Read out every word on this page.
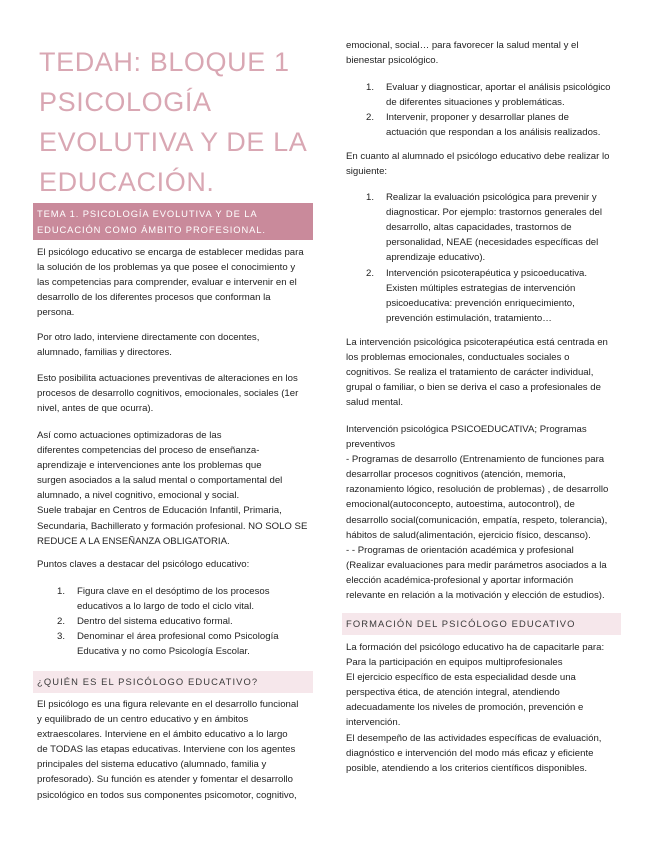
TEDAH: BLOQUE 1
PSICOLOGÍA
EVOLUTIVA Y DE LA
EDUCACIÓN.
TEMA 1. PSICOLOGÍA EVOLUTIVA Y DE LA
EDUCACIÓN COMO ÁMBITO PROFESIONAL.
El psicólogo educativo se encarga de establecer medidas para
la solución de los problemas ya que posee el conocimiento y
las competencias para comprender, evaluar e intervenir en el
desarrollo de los diferentes procesos que conforman la
persona.
Por otro lado, interviene directamente con docentes,
alumnado, familias y directores.
Esto posibilita actuaciones preventivas de alteraciones en los
procesos de desarrollo cognitivos, emocionales, sociales (1er
nivel, antes de que ocurra).
Así como actuaciones optimizadoras de las
diferentes competencias del proceso de enseñanza-
aprendizaje e intervenciones ante los problemas que
surgen asociados a la salud mental o comportamental del
alumnado, a nivel cognitivo, emocional y social.
Suele trabajar en Centros de Educación Infantil, Primaria,
Secundaria, Bachillerato y formación profesional. NO SOLO SE
REDUCE A LA ENSEÑANZA OBLIGATORIA.
Puntos claves a destacar del psicólogo educativo:
1. Figura clave en el desóptimo de los procesos
educativos a lo largo de todo el ciclo vital.
2. Dentro del sistema educativo formal.
3. Denominar el área profesional como Psicología
Educativa y no como Psicología Escolar.
¿QUIÉN ES EL PSICÓLOGO EDUCATIVO?
El psicólogo es una figura relevante en el desarrollo funcional
y equilibrado de un centro educativo y en ámbitos
extraescolares. Interviene en el ámbito educativo a lo largo
de TODAS las etapas educativas. Interviene con los agentes
principales del sistema educativo (alumnado, familia y
profesorado). Su función es atender y fomentar el desarrollo
psicológico en todos sus componentes psicomotor, cognitivo,
emocional, social… para favorecer la salud mental y el
bienestar psicológico.
1. Evaluar y diagnosticar, aportar el análisis psicológico
de diferentes situaciones y problemáticas.
2. Intervenir, proponer y desarrollar planes de
actuación que respondan a los análisis realizados.
En cuanto al alumnado el psicólogo educativo debe realizar lo
siguiente:
1. Realizar la evaluación psicológica para prevenir y
diagnosticar. Por ejemplo: trastornos generales del
desarrollo, altas capacidades, trastornos de
personalidad, NEAE (necesidades específicas del
aprendizaje educativo).
2. Intervención psicoterapéutica y psicoeducativa.
Existen múltiples estrategias de intervención
psicoeducativa: prevención enriquecimiento,
prevención estimulación, tratamiento…
La intervención psicológica psicoterapéutica está centrada en
los problemas emocionales, conductuales sociales o
cognitivos. Se realiza el tratamiento de carácter individual,
grupal o familiar, o bien se deriva el caso a profesionales de
salud mental.
Intervención psicológica PSICOEDUCATIVA; Programas
preventivos
- Programas de desarrollo (Entrenamiento de funciones para
desarrollar procesos cognitivos (atención, memoria,
razonamiento lógico, resolución de problemas) , de desarrollo
emocional(autoconcepto, autoestima, autocontrol), de
desarrollo social(comunicación, empatía, respeto, tolerancia),
hábitos de salud(alimentación, ejercicio físico, descanso).
- - Programas de orientación académica y profesional
(Realizar evaluaciones para medir parámetros asociados a la
elección académica-profesional y aportar información
relevante en relación a la motivación y elección de estudios).
FORMACIÓN DEL PSICÓLOGO EDUCATIVO
La formación del psicólogo educativo ha de capacitarle para:
Para la participación en equipos multiprofesionales
El ejercicio específico de esta especialidad desde una
perspectiva ética, de atención integral, atendiendo
adecuadamente los niveles de promoción, prevención e
intervención.
El desempeño de las actividades específicas de evaluación,
diagnóstico e intervención del modo más eficaz y eficiente
posible, atendiendo a los criterios científicos disponibles.
